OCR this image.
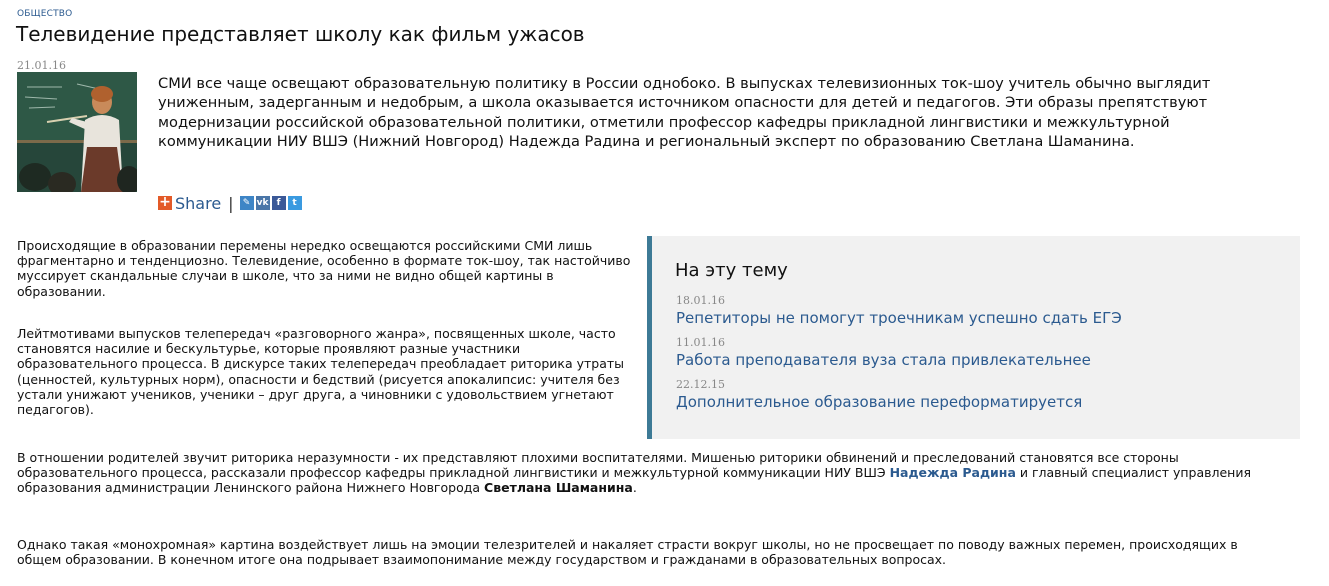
ОБЩЕСТВО
Телевидение представляет школу как фильм ужасов
21.01.16

СМИ все чаще освещают образовательную политику в России однобоко. В выпусках телевизионных ток-шоу учитель обычно выглядит униженным, задерганным и недобрым, а школа оказывается источником опасности для детей и педагогов. Эти образы препятствуют модернизации российской образовательной политики, отметили профессор кафедры прикладной лингвистики и межкультурной коммуникации НИУ ВШЭ (Нижний Новгород) Надежда Радина и региональный эксперт по образованию Светлана Шаманина.

+ Share |	✎ vk f	t

Происходящие в образовании перемены нередко освещаются российскими СМИ лишь фрагментарно и тенденциозно. Телевидение, особенно в формате ток-шоу, так настойчиво муссирует скандальные случаи в школе, что за ними не видно общей картины в образовании.

Лейтмотивами выпусков телепередач «разговорного жанра», посвященных школе, часто становятся насилие и бескультурье, которые проявляют разные участники образовательного процесса. В дискурсе таких телепередач преобладает риторика утраты (ценностей, культурных норм), опасности и бедствий (рисуется апокалипсис: учителя без устали унижают учеников, ученики – друг друга, а чиновники с удовольствием угнетают педагогов).

На эту тему
18.01.16
Репетиторы не помогут троечникам успешно сдать ЕГЭ
11.01.16
Работа преподавателя вуза стала привлекательнее
22.12.15
Дополнительное образование переформатируется

В отношении родителей звучит риторика неразумности - их представляют плохими воспитателями. Мишенью риторики обвинений и преследований становятся все стороны образовательного процесса, рассказали профессор кафедры прикладной лингвистики и межкультурной коммуникации НИУ ВШЭ Надежда Радина и главный специалист управления образования администрации Ленинского района Нижнего Новгорода Светлана Шаманина.

Однако такая «монохромная» картина воздействует лишь на эмоции телезрителей и накаляет страсти вокруг школы, но не просвещает по поводу важных перемен, происходящих в общем образовании. В конечном итоге она подрывает взаимопонимание между государством и гражданами в образовательных вопросах.
